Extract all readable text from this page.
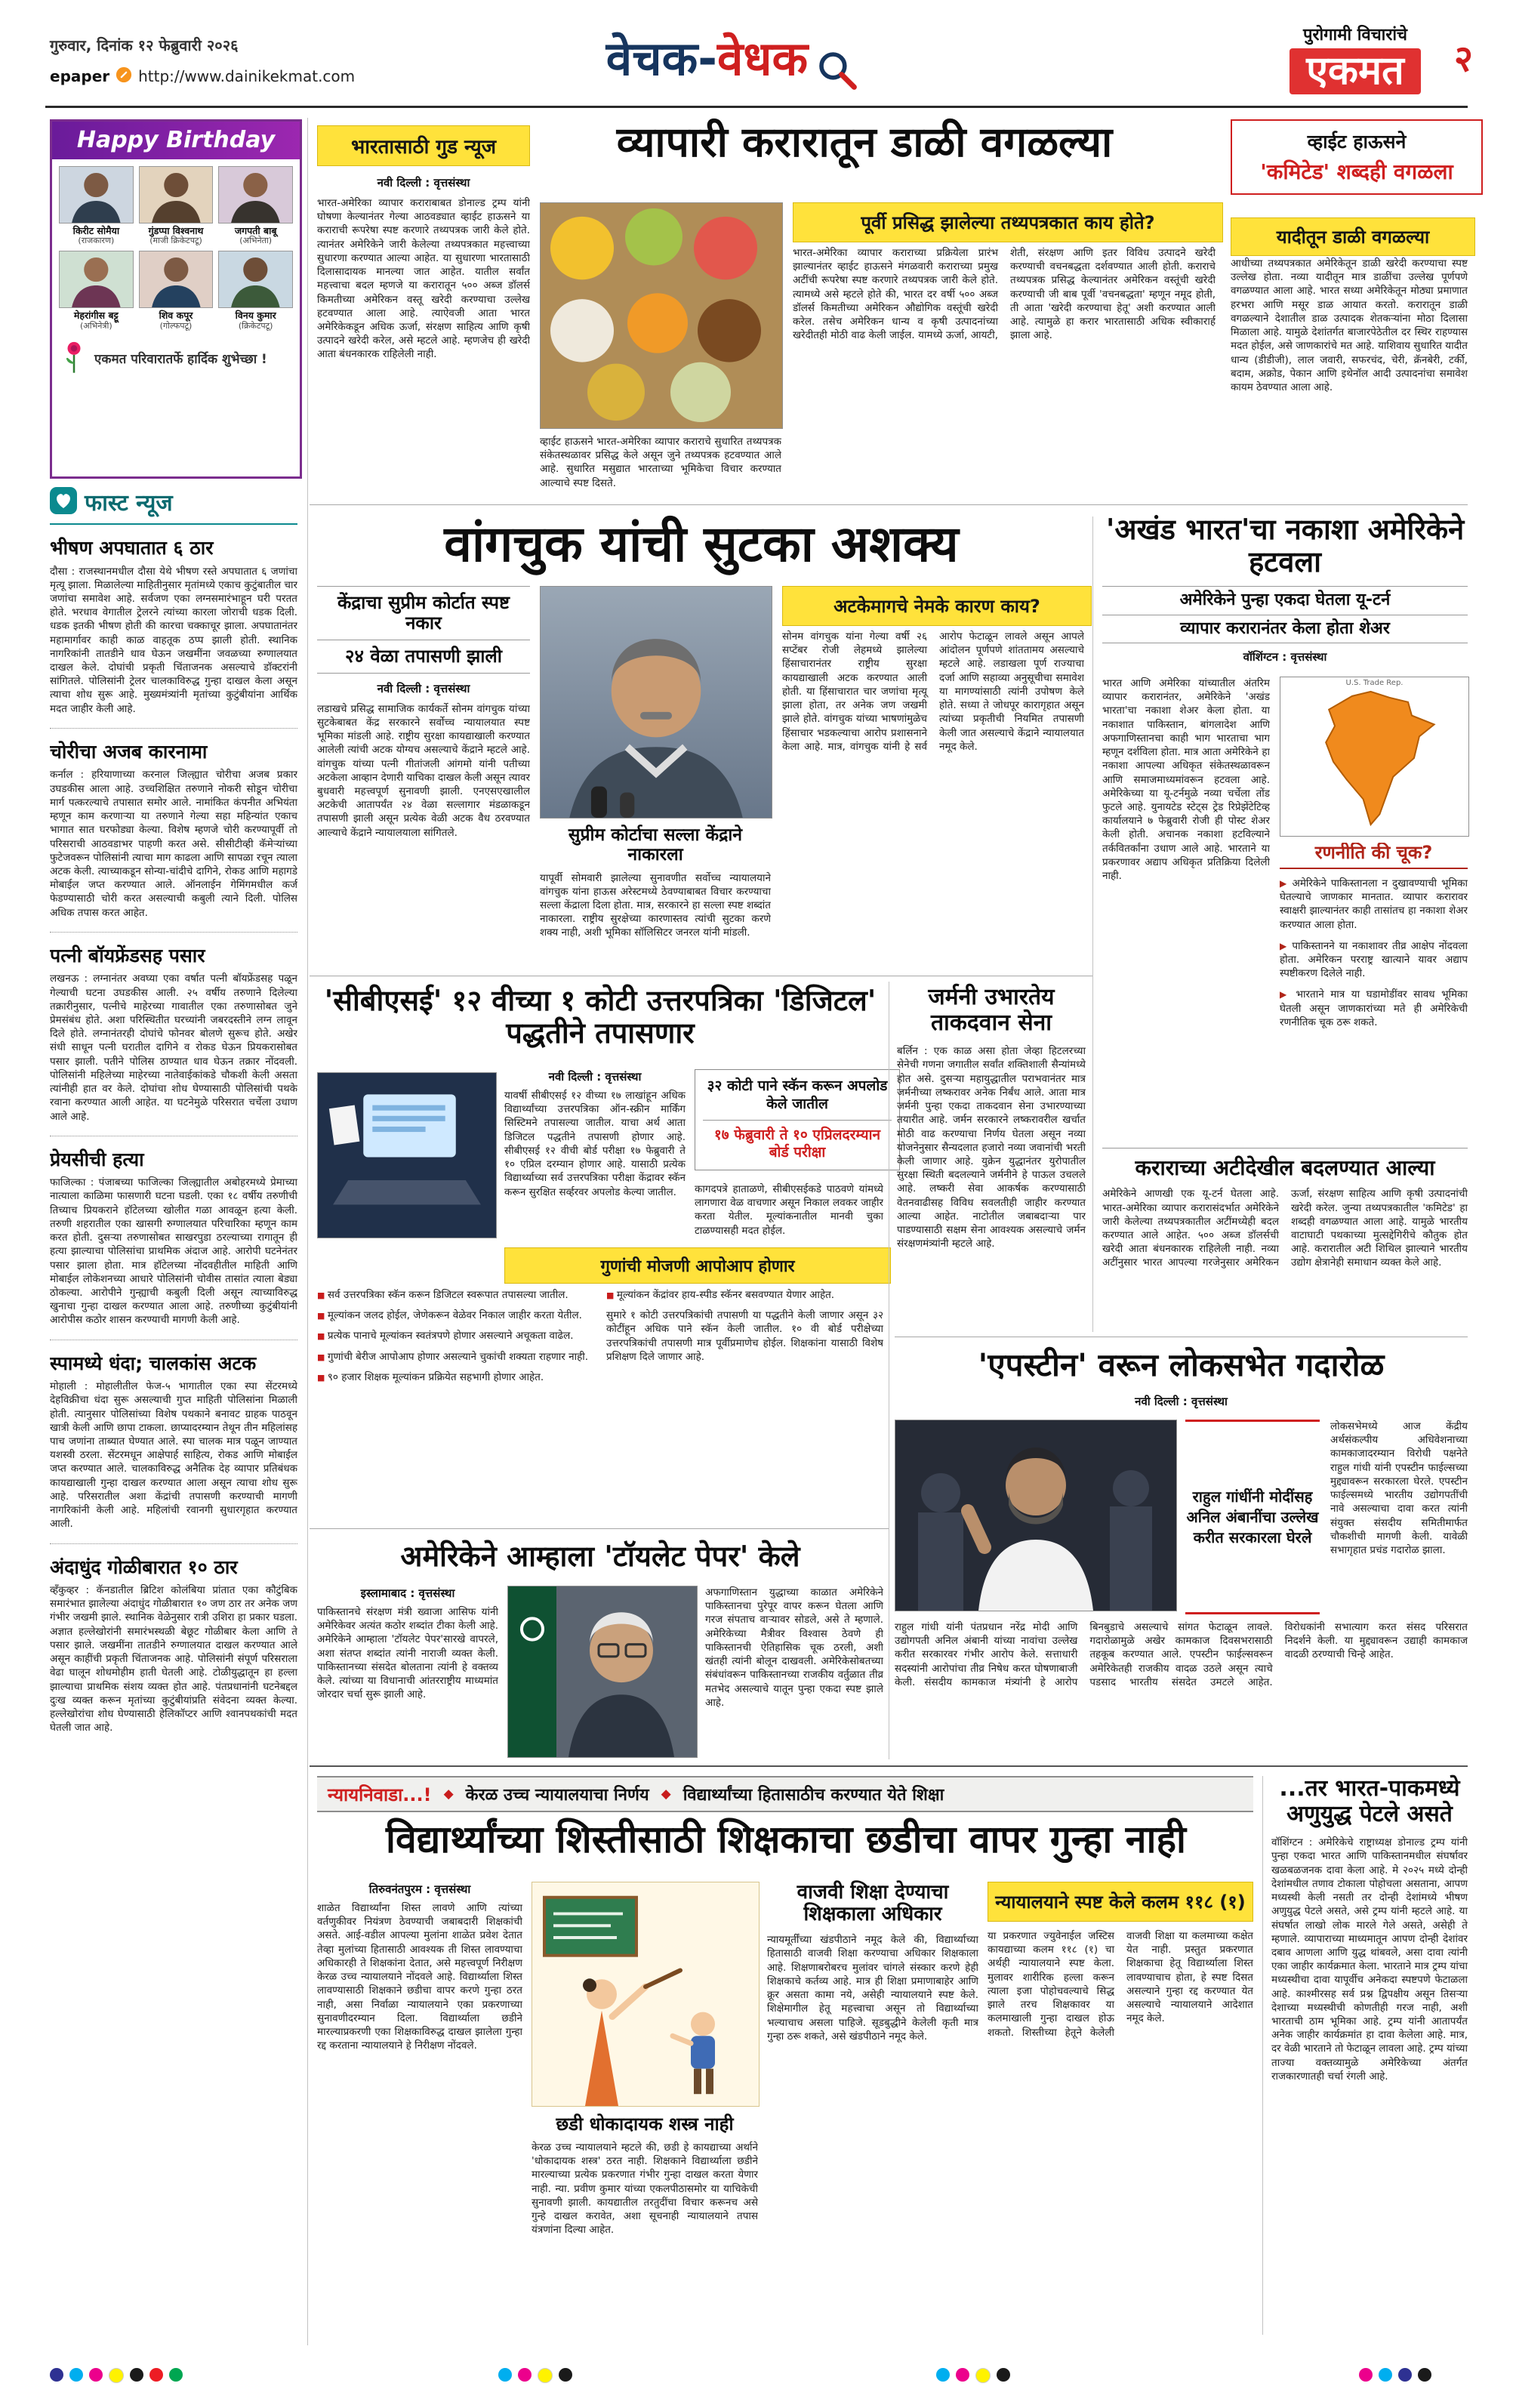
गुरुवार, दिनांक १२ फेब्रुवारी २०२६
epaper http://www.dainikekmat.com	वेचक-वेधक	पुरोगामी विचारांचे
एकमत	२
Happy Birthday
किरीट सोमैया
(राजकारण)
गुंडप्पा विश्वनाथ
(माजी क्रिकेटपटू)
जगपती बाबू
(अभिनेता)
मेहरांगीस बट्टू
(अभिनेत्री)
शिव कपूर
(गोल्फपटू)
विनय कुमार
(क्रिकेटपटू)
एकमत परिवारातर्फे हार्दिक शुभेच्छा !
फास्ट न्यूज
भीषण अपघातात ६ ठार

दौसा : राजस्थानमधील दौसा येथे भीषण रस्ते अपघातात ६ जणांचा मृत्यू झाला. मिळालेल्या माहितीनुसार मृतांमध्ये एकाच कुटुंबातील चार जणांचा समावेश आहे. सर्वजण एका लग्नसमारंभाहून घरी परतत होते. भरधाव वेगातील ट्रेलरने त्यांच्या कारला जोराची धडक दिली. धडक इतकी भीषण होती की कारचा चक्काचूर झाला. अपघातानंतर महामार्गावर काही काळ वाहतूक ठप्प झाली होती. स्थानिक नागरिकांनी तातडीने धाव घेऊन जखमींना जवळच्या रुग्णालयात दाखल केले. दोघांची प्रकृती चिंताजनक असल्याचे डॉक्टरांनी सांगितले. पोलिसांनी ट्रेलर चालकाविरुद्ध गुन्हा दाखल केला असून त्याचा शोध सुरू आहे. मुख्यमंत्र्यांनी मृतांच्या कुटुंबीयांना आर्थिक मदत जाहीर केली आहे.

चोरीचा अजब कारनामा

कर्नाल : हरियाणाच्या करनाल जिल्ह्यात चोरीचा अजब प्रकार उघडकीस आला आहे. उच्चशिक्षित तरुणाने नोकरी सोडून चोरीचा मार्ग पत्करल्याचे तपासात समोर आले. नामांकित कंपनीत अभियंता म्हणून काम करणाऱ्या या तरुणाने गेल्या सहा महिन्यांत एकाच भागात सात घरफोड्या केल्या. विशेष म्हणजे चोरी करण्यापूर्वी तो परिसराची आठवडाभर पाहणी करत असे. सीसीटीव्ही कॅमेऱ्यांच्या फुटेजवरून पोलिसांनी त्याचा माग काढला आणि सापळा रचून त्याला अटक केली. त्याच्याकडून सोन्या-चांदीचे दागिने, रोकड आणि महागडे मोबाईल जप्त करण्यात आले. ऑनलाईन गेमिंगमधील कर्ज फेडण्यासाठी चोरी करत असल्याची कबुली त्याने दिली. पोलिस अधिक तपास करत आहेत.

पत्नी बॉयफ्रेंडसह पसार

लखनऊ : लग्नानंतर अवघ्या एका वर्षात पत्नी बॉयफ्रेंडसह पळून गेल्याची घटना उघडकीस आली. २५ वर्षीय तरुणाने दिलेल्या तक्रारीनुसार, पत्नीचे माहेरच्या गावातील एका तरुणासोबत जुने प्रेमसंबंध होते. अशा परिस्थितीत घरच्यांनी जबरदस्तीने लग्न लावून दिले होते. लग्नानंतरही दोघांचे फोनवर बोलणे सुरूच होते. अखेर संधी साधून पत्नी घरातील दागिने व रोकड घेऊन प्रियकरासोबत पसार झाली. पतीने पोलिस ठाण्यात धाव घेऊन तक्रार नोंदवली. पोलिसांनी महिलेच्या माहेरच्या नातेवाईकांकडे चौकशी केली असता त्यांनीही हात वर केले. दोघांचा शोध घेण्यासाठी पोलिसांची पथके रवाना करण्यात आली आहेत. या घटनेमुळे परिसरात चर्चेला उधाण आले आहे.

प्रेयसीची हत्या

फाजिल्का : पंजाबच्या फाजिल्का जिल्ह्यातील अबोहरमध्ये प्रेमाच्या नात्याला काळिमा फासणारी घटना घडली. एका १८ वर्षीय तरुणीची तिच्याच प्रियकराने हॉटेलच्या खोलीत गळा आवळून हत्या केली. तरुणी शहरातील एका खासगी रुग्णालयात परिचारिका म्हणून काम करत होती. दुसऱ्या तरुणासोबत साखरपुडा ठरल्याच्या रागातून ही हत्या झाल्याचा पोलिसांचा प्राथमिक अंदाज आहे. आरोपी घटनेनंतर पसार झाला होता. मात्र हॉटेलच्या नोंदवहीतील माहिती आणि मोबाईल लोकेशनच्या आधारे पोलिसांनी चोवीस तासांत त्याला बेड्या ठोकल्या. आरोपीने गुन्ह्याची कबुली दिली असून त्याच्याविरुद्ध खुनाचा गुन्हा दाखल करण्यात आला आहे. तरुणीच्या कुटुंबीयांनी आरोपीस कठोर शासन करण्याची मागणी केली आहे.

स्पामध्ये धंदा; चालकांस अटक

मोहाली : मोहालीतील फेज-५ भागातील एका स्पा सेंटरमध्ये देहविक्रीचा धंदा सुरू असल्याची गुप्त माहिती पोलिसांना मिळाली होती. त्यानुसार पोलिसांच्या विशेष पथकाने बनावट ग्राहक पाठवून खात्री केली आणि छापा टाकला. छाप्यादरम्यान तेथून तीन महिलांसह पाच जणांना ताब्यात घेण्यात आले. स्पा चालक मात्र पळून जाण्यात यशस्वी ठरला. सेंटरमधून आक्षेपार्ह साहित्य, रोकड आणि मोबाईल जप्त करण्यात आले. चालकाविरुद्ध अनैतिक देह व्यापार प्रतिबंधक कायद्याखाली गुन्हा दाखल करण्यात आला असून त्याचा शोध सुरू आहे. परिसरातील अशा केंद्रांची तपासणी करण्याची मागणी नागरिकांनी केली आहे. महिलांची रवानगी सुधारगृहात करण्यात आली.

अंदाधुंद गोळीबारात १० ठार

व्हँकुव्हर : कॅनडातील ब्रिटिश कोलंबिया प्रांतात एका कौटुंबिक समारंभात झालेल्या अंदाधुंद गोळीबारात १० जण ठार तर अनेक जण गंभीर जखमी झाले. स्थानिक वेळेनुसार रात्री उशिरा हा प्रकार घडला. अज्ञात हल्लेखोरांनी समारंभस्थळी बेछूट गोळीबार केला आणि ते पसार झाले. जखमींना तातडीने रुग्णालयात दाखल करण्यात आले असून काहींची प्रकृती चिंताजनक आहे. पोलिसांनी संपूर्ण परिसराला वेढा घालून शोधमोहीम हाती घेतली आहे. टोळीयुद्धातून हा हल्ला झाल्याचा प्राथमिक संशय व्यक्त होत आहे. पंतप्रधानांनी घटनेबद्दल दुःख व्यक्त करून मृतांच्या कुटुंबीयांप्रति संवेदना व्यक्त केल्या. हल्लेखोरांचा शोध घेण्यासाठी हेलिकॉप्टर आणि श्वानपथकांची मदत घेतली जात आहे.

भारतासाठी गुड न्यूज
नवी दिल्ली : वृत्तसंस्था
भारत-अमेरिका व्यापार कराराबाबत डोनाल्ड ट्रम्प यांनी घोषणा केल्यानंतर गेल्या आठवड्यात व्हाईट हाऊसने या कराराची रूपरेषा स्पष्ट करणारे तथ्यपत्रक जारी केले होते. त्यानंतर अमेरिकेने जारी केलेल्या तथ्यपत्रकात महत्त्वाच्या सुधारणा करण्यात आल्या आहेत. या सुधारणा भारतासाठी दिलासादायक मानल्या जात आहेत. यातील सर्वांत महत्त्वाचा बदल म्हणजे या करारातून ५०० अब्ज डॉलर्स किमतीच्या अमेरिकन वस्तू खरेदी करण्याचा उल्लेख हटवण्यात आला आहे. त्याऐवजी आता भारत अमेरिकेकडून अधिक ऊर्जा, संरक्षण साहित्य आणि कृषी उत्पादने खरेदी करेल, असे म्हटले आहे. म्हणजेच ही खरेदी आता बंधनकारक राहिलेली नाही.
व्यापारी करारातून डाळी वगळल्या	व्हाईट हाऊसने
'कमिटेड' शब्दही वगळला
व्हाईट हाऊसने भारत-अमेरिका व्यापार कराराचे सुधारित तथ्यपत्रक संकेतस्थळावर प्रसिद्ध केले असून जुने तथ्यपत्रक हटवण्यात आले आहे. सुधारित मसुद्यात भारताच्या भूमिकेचा विचार करण्यात आल्याचे स्पष्ट दिसते.
पूर्वी प्रसिद्ध झालेल्या तथ्यपत्रकात काय होते?
भारत-अमेरिका व्यापार कराराच्या प्रक्रियेला प्रारंभ झाल्यानंतर व्हाईट हाऊसने मंगळवारी कराराच्या प्रमुख अटींची रूपरेषा स्पष्ट करणारे तथ्यपत्रक जारी केले होते. त्यामध्ये असे म्हटले होते की, भारत दर वर्षी ५०० अब्ज डॉलर्स किमतीच्या अमेरिकन औद्योगिक वस्तूंची खरेदी करेल. तसेच अमेरिकन धान्य व कृषी उत्पादनांच्या खरेदीतही मोठी वाढ केली जाईल. यामध्ये ऊर्जा, आयटी, शेती, संरक्षण आणि इतर विविध उत्पादने खरेदी करण्याची वचनबद्धता दर्शवण्यात आली होती. कराराचे तथ्यपत्रक प्रसिद्ध केल्यानंतर अमेरिकन वस्तूंची खरेदी करण्याची जी बाब पूर्वी 'वचनबद्धता' म्हणून नमूद होती, ती आता 'खरेदी करण्याचा हेतू' अशी करण्यात आली आहे. त्यामुळे हा करार भारतासाठी अधिक स्वीकारार्ह झाला आहे.
यादीतून डाळी वगळल्या
आधीच्या तथ्यपत्रकात अमेरिकेतून डाळी खरेदी करण्याचा स्पष्ट उल्लेख होता. नव्या यादीतून मात्र डाळींचा उल्लेख पूर्णपणे वगळण्यात आला आहे. भारत सध्या अमेरिकेतून मोठ्या प्रमाणात हरभरा आणि मसूर डाळ आयात करतो. करारातून डाळी वगळल्याने देशातील डाळ उत्पादक शेतकऱ्यांना मोठा दिलासा मिळाला आहे. यामुळे देशांतर्गत बाजारपेठेतील दर स्थिर राहण्यास मदत होईल, असे जाणकारांचे मत आहे. याशिवाय सुधारित यादीत धान्य (डीडीजी), लाल जवारी, सफरचंद, चेरी, क्रॅनबेरी, टर्की, बदाम, अक्रोड, पेकान आणि इथेनॉल आदी उत्पादनांचा समावेश कायम ठेवण्यात आला आहे.
वांगचुक यांची सुटका अशक्य
केंद्राचा सुप्रीम कोर्टात स्पष्ट नकार
२४ वेळा तपासणी झाली
नवी दिल्ली : वृत्तसंस्था
लडाखचे प्रसिद्ध सामाजिक कार्यकर्ते सोनम वांगचुक यांच्या सुटकेबाबत केंद्र सरकारने सर्वोच्च न्यायालयात स्पष्ट भूमिका मांडली आहे. राष्ट्रीय सुरक्षा कायद्याखाली करण्यात आलेली त्यांची अटक योग्यच असल्याचे केंद्राने म्हटले आहे. वांगचुक यांच्या पत्नी गीतांजली आंगमो यांनी पतीच्या अटकेला आव्हान देणारी याचिका दाखल केली असून त्यावर बुधवारी महत्त्वपूर्ण सुनावणी झाली. एनएसएखालील अटकेची आतापर्यंत २४ वेळा सल्लागार मंडळाकडून तपासणी झाली असून प्रत्येक वेळी अटक वैध ठरवण्यात आल्याचे केंद्राने न्यायालयाला सांगितले.	सुप्रीम कोर्टाचा सल्ला केंद्राने नाकारला
यापूर्वी सोमवारी झालेल्या सुनावणीत सर्वोच्च न्यायालयाने वांगचुक यांना हाऊस अरेस्टमध्ये ठेवण्याबाबत विचार करण्याचा सल्ला केंद्राला दिला होता. मात्र, सरकारने हा सल्ला स्पष्ट शब्दांत नाकारला. राष्ट्रीय सुरक्षेच्या कारणास्तव त्यांची सुटका करणे शक्य नाही, अशी भूमिका सॉलिसिटर जनरल यांनी मांडली.
अटकेमागचे नेमके कारण काय?
सोनम वांगचुक यांना गेल्या वर्षी २६ सप्टेंबर रोजी लेहमध्ये झालेल्या हिंसाचारानंतर राष्ट्रीय सुरक्षा कायद्याखाली अटक करण्यात आली होती. या हिंसाचारात चार जणांचा मृत्यू झाला होता, तर अनेक जण जखमी झाले होते. वांगचुक यांच्या भाषणांमुळेच हिंसाचार भडकल्याचा आरोप प्रशासनाने केला आहे. मात्र, वांगचुक यांनी हे सर्व आरोप फेटाळून लावले असून आपले आंदोलन पूर्णपणे शांततामय असल्याचे म्हटले आहे. लडाखला पूर्ण राज्याचा दर्जा आणि सहाव्या अनुसूचीचा समावेश या मागण्यांसाठी त्यांनी उपोषण केले होते. सध्या ते जोधपूर कारागृहात असून त्यांच्या प्रकृतीची नियमित तपासणी केली जात असल्याचे केंद्राने न्यायालयात नमूद केले.
'अखंड भारत'चा नकाशा अमेरिकेने हटवला
अमेरिकेने पुन्हा एकदा घेतला यू-टर्न
व्यापार करारानंतर केला होता शेअर
वॉशिंग्टन : वृत्तसंस्था
भारत आणि अमेरिका यांच्यातील अंतरिम व्यापार करारानंतर, अमेरिकेने 'अखंड भारता'चा नकाशा शेअर केला होता. या नकाशात पाकिस्तान, बांगलादेश आणि अफगाणिस्तानचा काही भाग भारताचा भाग म्हणून दर्शविला होता. मात्र आता अमेरिकेने हा नकाशा आपल्या अधिकृत संकेतस्थळावरून आणि समाजमाध्यमांवरून हटवला आहे. अमेरिकेच्या या यू-टर्नमुळे नव्या चर्चेला तोंड फुटले आहे. युनायटेड स्टेट्स ट्रेड रिप्रेझेंटेटिव्ह कार्यालयाने ७ फेब्रुवारी रोजी ही पोस्ट शेअर केली होती. अचानक नकाशा हटविल्याने तर्कवितर्कांना उधाण आले आहे. भारताने या प्रकरणावर अद्याप अधिकृत प्रतिक्रिया दिलेली नाही.
U.S. Trade Rep.
रणनीति की चूक?

▶ अमेरिकेने पाकिस्तानला न दुखावण्याची भूमिका घेतल्याचे जाणकार मानतात. व्यापार करारावर स्वाक्षरी झाल्यानंतर काही तासांतच हा नकाशा शेअर करण्यात आला होता.

▶ पाकिस्तानने या नकाशावर तीव्र आक्षेप नोंदवला होता. अमेरिकन परराष्ट्र खात्याने यावर अद्याप स्पष्टीकरण दिलेले नाही.

▶ भारताने मात्र या घडामोडींवर सावध भूमिका घेतली असून जाणकारांच्या मते ही अमेरिकेची रणनीतिक चूक ठरू शकते.

'सीबीएसई' १२ वीच्या १ कोटी उत्तरपत्रिका 'डिजिटल' पद्धतीने तपासणार
नवी दिल्ली : वृत्तसंस्था
यावर्षी सीबीएसई १२ वीच्या १७ लाखांहून अधिक विद्यार्थ्यांच्या उत्तरपत्रिका ऑन-स्क्रीन मार्किंग सिस्टिमने तपासल्या जातील. याचा अर्थ आता डिजिटल पद्धतीने तपासणी होणार आहे. सीबीएसई १२ वीची बोर्ड परीक्षा १७ फेब्रुवारी ते १० एप्रिल दरम्यान होणार आहे. यासाठी प्रत्येक विद्यार्थ्याच्या सर्व उत्तरपत्रिका परीक्षा केंद्रावर स्कॅन करून सुरक्षित सर्व्हरवर अपलोड केल्या जातील.
३२ कोटी पाने स्कॅन करून अपलोड केले जातील
१७ फेब्रुवारी ते १० एप्रिलदरम्यान बोर्ड परीक्षा
कागदपत्रे हाताळणे, सीबीएसईकडे पाठवणे यांमध्ये लागणारा वेळ वाचणार असून निकाल लवकर जाहीर करता येतील. मूल्यांकनातील मानवी चुका टाळण्यासही मदत होईल.
गुणांची मोजणी आपोआप होणार

■ सर्व उत्तरपत्रिका स्कॅन करून डिजिटल स्वरूपात तपासल्या जातील.

■ मूल्यांकन जलद होईल, जेणेकरून वेळेवर निकाल जाहीर करता येतील.

■ प्रत्येक पानाचे मूल्यांकन स्वतंत्रपणे होणार असल्याने अचूकता वाढेल.

■ गुणांची बेरीज आपोआप होणार असल्याने चुकांची शक्यता राहणार नाही.

■ ९० हजार शिक्षक मूल्यांकन प्रक्रियेत सहभागी होणार आहेत.

■ मूल्यांकन केंद्रांवर हाय-स्पीड स्कॅनर बसवण्यात येणार आहेत.

सुमारे १ कोटी उत्तरपत्रिकांची तपासणी या पद्धतीने केली जाणार असून ३२ कोटींहून अधिक पाने स्कॅन केली जातील. १० वी बोर्ड परीक्षेच्या उत्तरपत्रिकांची तपासणी मात्र पूर्वीप्रमाणेच होईल. शिक्षकांना यासाठी विशेष प्रशिक्षण दिले जाणार आहे.

जर्मनी उभारतेय ताकदवान सेना
बर्लिन : एक काळ असा होता जेव्हा हिटलरच्या सेनेची गणना जगातील सर्वांत शक्तिशाली सैन्यांमध्ये होत असे. दुसऱ्या महायुद्धातील पराभवानंतर मात्र जर्मनीच्या लष्करावर अनेक निर्बंध आले. आता मात्र जर्मनी पुन्हा एकदा ताकदवान सेना उभारण्याच्या तयारीत आहे. जर्मन सरकारने लष्करावरील खर्चात मोठी वाढ करण्याचा निर्णय घेतला असून नव्या योजनेनुसार सैन्यदलात हजारो नव्या जवानांची भरती केली जाणार आहे. युक्रेन युद्धानंतर युरोपातील सुरक्षा स्थिती बदलल्याने जर्मनीने हे पाऊल उचलले आहे. लष्करी सेवा आकर्षक करण्यासाठी वेतनवाढीसह विविध सवलतीही जाहीर करण्यात आल्या आहेत. नाटोतील जबाबदाऱ्या पार पाडण्यासाठी सक्षम सेना आवश्यक असल्याचे जर्मन संरक्षणमंत्र्यांनी म्हटले आहे.
कराराच्या अटीदेखील बदलण्यात आल्या
अमेरिकेने आणखी एक यू-टर्न घेतला आहे. भारत-अमेरिका व्यापार करारासंदर्भात अमेरिकेने जारी केलेल्या तथ्यपत्रकातील अटींमध्येही बदल करण्यात आले आहेत. ५०० अब्ज डॉलर्सची खरेदी आता बंधनकारक राहिलेली नाही. नव्या अटींनुसार भारत आपल्या गरजेनुसार अमेरिकन ऊर्जा, संरक्षण साहित्य आणि कृषी उत्पादनांची खरेदी करेल. जुन्या तथ्यपत्रकातील 'कमिटेड' हा शब्दही वगळण्यात आला आहे. यामुळे भारतीय वाटाघाटी पथकाच्या मुत्सद्देगिरीचे कौतुक होत आहे. करारातील अटी शिथिल झाल्याने भारतीय उद्योग क्षेत्रानेही समाधान व्यक्त केले आहे.
'एपस्टीन' वरून लोकसभेत गदारोळ
नवी दिल्ली : वृत्तसंस्था
राहुल गांधींनी मोदींसह अनिल अंबानींचा उल्लेख करीत सरकारला घेरले
लोकसभेमध्ये आज केंद्रीय अर्थसंकल्पीय अधिवेशनाच्या कामकाजादरम्यान विरोधी पक्षनेते राहुल गांधी यांनी एपस्टीन फाईल्सच्या मुद्द्यावरून सरकारला घेरले. एपस्टीन फाईल्समध्ये भारतीय उद्योगपतींची नावे असल्याचा दावा करत त्यांनी संयुक्त संसदीय समितीमार्फत चौकशीची मागणी केली. यावेळी सभागृहात प्रचंड गदारोळ झाला.
राहुल गांधी यांनी पंतप्रधान नरेंद्र मोदी आणि उद्योगपती अनिल अंबानी यांच्या नावांचा उल्लेख करीत सरकारवर गंभीर आरोप केले. सत्ताधारी सदस्यांनी आरोपांचा तीव्र निषेध करत घोषणाबाजी केली. संसदीय कामकाज मंत्र्यांनी हे आरोप बिनबुडाचे असल्याचे सांगत फेटाळून लावले. गदारोळामुळे अखेर कामकाज दिवसभरासाठी तहकूब करण्यात आले. एपस्टीन फाईल्सवरून अमेरिकेतही राजकीय वादळ उठले असून त्याचे पडसाद भारतीय संसदेत उमटले आहेत. विरोधकांनी सभात्याग करत संसद परिसरात निदर्शने केली. या मुद्द्यावरून उद्याही कामकाज वादळी ठरण्याची चिन्हे आहेत.
अमेरिकेने आम्हाला 'टॉयलेट पेपर' केले
इस्लामाबाद : वृत्तसंस्था
पाकिस्तानचे संरक्षण मंत्री ख्वाजा आसिफ यांनी अमेरिकेवर अत्यंत कठोर शब्दांत टीका केली आहे. अमेरिकेने आम्हाला 'टॉयलेट पेपर'सारखे वापरले, अशा संतप्त शब्दांत त्यांनी नाराजी व्यक्त केली. पाकिस्तानच्या संसदेत बोलताना त्यांनी हे वक्तव्य केले. त्यांच्या या विधानाची आंतरराष्ट्रीय माध्यमांत जोरदार चर्चा सुरू झाली आहे.
अफगाणिस्तान युद्धाच्या काळात अमेरिकेने पाकिस्तानचा पुरेपूर वापर करून घेतला आणि गरज संपताच वाऱ्यावर सोडले, असे ते म्हणाले. अमेरिकेच्या मैत्रीवर विश्वास ठेवणे ही पाकिस्तानची ऐतिहासिक चूक ठरली, अशी खंतही त्यांनी बोलून दाखवली. अमेरिकेसोबतच्या संबंधांवरून पाकिस्तानच्या राजकीय वर्तुळात तीव्र मतभेद असल्याचे यातून पुन्हा एकदा स्पष्ट झाले आहे.
न्यायनिवाडा...! ◆ केरळ उच्च न्यायालयाचा निर्णय ◆ विद्यार्थ्यांच्या हितासाठीच करण्यात येते शिक्षा
विद्यार्थ्यांच्या शिस्तीसाठी शिक्षकाचा छडीचा वापर गुन्हा नाही
तिरुवनंतपुरम : वृत्तसंस्था
शाळेत विद्यार्थ्यांना शिस्त लावणे आणि त्यांच्या वर्तणुकीवर नियंत्रण ठेवण्याची जबाबदारी शिक्षकांची असते. आई-वडील आपल्या मुलांना शाळेत प्रवेश देतात तेव्हा मुलांच्या हितासाठी आवश्यक ती शिस्त लावण्याचा अधिकारही ते शिक्षकांना देतात, असे महत्त्वपूर्ण निरीक्षण केरळ उच्च न्यायालयाने नोंदवले आहे. विद्यार्थ्याला शिस्त लावण्यासाठी शिक्षकाने छडीचा वापर करणे गुन्हा ठरत नाही, असा निर्वाळा न्यायालयाने एका प्रकरणाच्या सुनावणीदरम्यान दिला. विद्यार्थ्याला छडीने मारल्याप्रकरणी एका शिक्षकाविरुद्ध दाखल झालेला गुन्हा रद्द करताना न्यायालयाने हे निरीक्षण नोंदवले.
छडी धोकादायक शस्त्र नाही
केरळ उच्च न्यायालयाने म्हटले की, छडी हे कायद्याच्या अर्थाने 'धोकादायक शस्त्र' ठरत नाही. शिक्षकाने विद्यार्थ्याला छडीने मारल्याच्या प्रत्येक प्रकरणात गंभीर गुन्हा दाखल करता येणार नाही. न्या. प्रवीण कुमार यांच्या एकलपीठासमोर या याचिकेची सुनावणी झाली. कायद्यातील तरतुदींचा विचार करूनच असे गुन्हे दाखल करावेत, अशा सूचनाही न्यायालयाने तपास यंत्रणांना दिल्या आहेत.
वाजवी शिक्षा देण्याचा शिक्षकाला अधिकार
न्यायमूर्तींच्या खंडपीठाने नमूद केले की, विद्यार्थ्याच्या हितासाठी वाजवी शिक्षा करण्याचा अधिकार शिक्षकाला आहे. शिक्षणाबरोबरच मुलांवर चांगले संस्कार करणे हेही शिक्षकाचे कर्तव्य आहे. मात्र ही शिक्षा प्रमाणाबाहेर आणि क्रूर असता कामा नये, असेही न्यायालयाने स्पष्ट केले. शिक्षेमागील हेतू महत्त्वाचा असून तो विद्यार्थ्याच्या भल्याचाच असला पाहिजे. सूडबुद्धीने केलेली कृती मात्र गुन्हा ठरू शकते, असे खंडपीठाने नमूद केले.
न्यायालयाने स्पष्ट केले कलम ११८ (१)
या प्रकरणात ज्युवेनाईल जस्टिस कायद्याच्या कलम ११८ (१) चा अर्थही न्यायालयाने स्पष्ट केला. मुलावर शारीरिक हल्ला करून त्याला इजा पोहोचवल्याचे सिद्ध झाले तरच शिक्षकावर या कलमाखाली गुन्हा दाखल होऊ शकतो. शिस्तीच्या हेतूने केलेली वाजवी शिक्षा या कलमाच्या कक्षेत येत नाही. प्रस्तुत प्रकरणात शिक्षकाचा हेतू विद्यार्थ्याला शिस्त लावण्याचाच होता, हे स्पष्ट दिसत असल्याने गुन्हा रद्द करण्यात येत असल्याचे न्यायालयाने आदेशात नमूद केले.
...तर भारत-पाकमध्ये अणुयुद्ध पेटले असते
वॉशिंग्टन : अमेरिकेचे राष्ट्राध्यक्ष डोनाल्ड ट्रम्प यांनी पुन्हा एकदा भारत आणि पाकिस्तानमधील संघर्षावर खळबळजनक दावा केला आहे. मे २०२५ मध्ये दोन्ही देशांमधील तणाव टोकाला पोहोचला असताना, आपण मध्यस्थी केली नसती तर दोन्ही देशांमध्ये भीषण अणुयुद्ध पेटले असते, असे ट्रम्प यांनी म्हटले आहे. या संघर्षात लाखो लोक मारले गेले असते, असेही ते म्हणाले. व्यापाराच्या माध्यमातून आपण दोन्ही देशांवर दबाव आणला आणि युद्ध थांबवले, असा दावा त्यांनी एका जाहीर कार्यक्रमात केला. भारताने मात्र ट्रम्प यांचा मध्यस्थीचा दावा यापूर्वीच अनेकदा स्पष्टपणे फेटाळला आहे. काश्मीरसह सर्व प्रश्न द्विपक्षीय असून तिसऱ्या देशाच्या मध्यस्थीची कोणतीही गरज नाही, अशी भारताची ठाम भूमिका आहे. ट्रम्प यांनी आतापर्यंत अनेक जाहीर कार्यक्रमांत हा दावा केलेला आहे. मात्र, दर वेळी भारताने तो फेटाळून लावला आहे. ट्रम्प यांच्या ताज्या वक्तव्यामुळे अमेरिकेच्या अंतर्गत राजकारणातही चर्चा रंगली आहे.
